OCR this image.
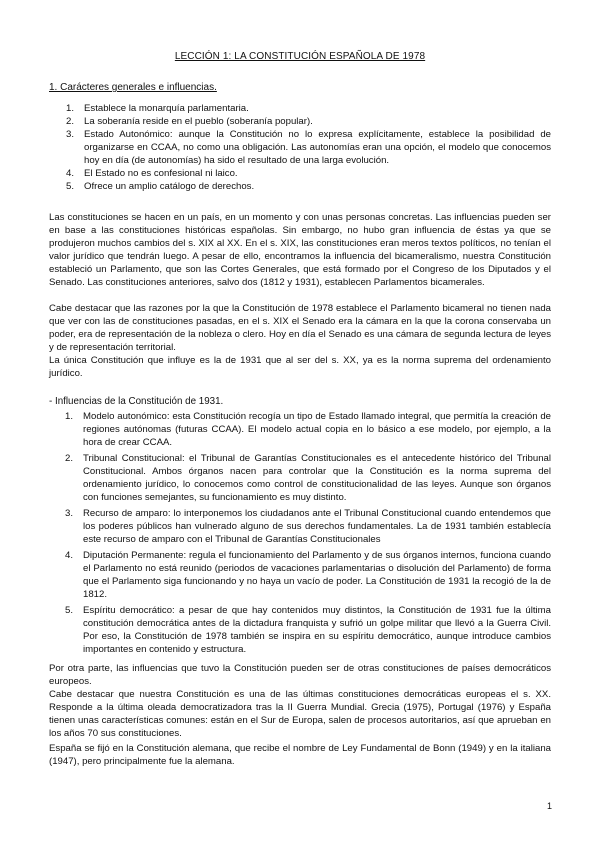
LECCIÓN 1: LA CONSTITUCIÓN ESPAÑOLA DE 1978
1. Carácteres generales e influencias.
1. Establece la monarquía parlamentaria.
2. La soberanía reside en el pueblo (soberanía popular).
3. Estado Autonómico: aunque la Constitución no lo expresa explícitamente, establece la posibilidad de organizarse en CCAA, no como una obligación. Las autonomías eran una opción, el modelo que conocemos hoy en día (de autonomías) ha sido el resultado de una larga evolución.
4. El Estado no es confesional ni laico.
5. Ofrece un amplio catálogo de derechos.

Las constituciones se hacen en un país, en un momento y con unas personas concretas. Las influencias pueden ser en base a las constituciones históricas españolas. Sin embargo, no hubo gran influencia de éstas ya que se produjeron muchos cambios del s. XIX al XX. En el s. XIX, las constituciones eran meros textos políticos, no tenían el valor jurídico que tendrán luego. A pesar de ello, encontramos la influencia del bicameralismo, nuestra Constitución estableció un Parlamento, que son las Cortes Generales, que está formado por el Congreso de los Diputados y el Senado. Las constituciones anteriores, salvo dos (1812 y 1931), establecen Parlamentos bicamerales.

Cabe destacar que las razones por la que la Constitución de 1978 establece el Parlamento bicameral no tienen nada que ver con las de constituciones pasadas, en el s. XIX el Senado era la cámara en la que la corona conservaba un poder, era de representación de la nobleza o clero. Hoy en día el Senado es una cámara de segunda lectura de leyes y de representación territorial.

La única Constitución que influye es la de 1931 que al ser del s. XX, ya es la norma suprema del ordenamiento jurídico.

- Influencias de la Constitución de 1931.
1. Modelo autonómico: esta Constitución recogía un tipo de Estado llamado integral, que permitía la creación de regiones autónomas (futuras CCAA). El modelo actual copia en lo básico a ese modelo, por ejemplo, a la hora de crear CCAA.
2. Tribunal Constitucional: el Tribunal de Garantías Constitucionales es el antecedente histórico del Tribunal Constitucional. Ambos órganos nacen para controlar que la Constitución es la norma suprema del ordenamiento jurídico, lo conocemos como control de constitucionalidad de las leyes. Aunque son órganos con funciones semejantes, su funcionamiento es muy distinto.
3. Recurso de amparo: lo interponemos los ciudadanos ante el Tribunal Constitucional cuando entendemos que los poderes públicos han vulnerado alguno de sus derechos fundamentales. La de 1931 también establecía este recurso de amparo con el Tribunal de Garantías Constitucionales
4. Diputación Permanente: regula el funcionamiento del Parlamento y de sus órganos internos, funciona cuando el Parlamento no está reunido (periodos de vacaciones parlamentarias o disolución del Parlamento) de forma que el Parlamento siga funcionando y no haya un vacío de poder. La Constitución de 1931 la recogió de la de 1812.
5. Espíritu democrático: a pesar de que hay contenidos muy distintos, la Constitución de 1931 fue la última constitución democrática antes de la dictadura franquista y sufrió un golpe militar que llevó a la Guerra Civil. Por eso, la Constitución de 1978 también se inspira en su espíritu democrático, aunque introduce cambios importantes en contenido y estructura.

Por otra parte, las influencias que tuvo la Constitución pueden ser de otras constituciones de países democráticos europeos.

Cabe destacar que nuestra Constitución es una de las últimas constituciones democráticas europeas el s. XX. Responde a la última oleada democratizadora tras la II Guerra Mundial. Grecia (1975), Portugal (1976) y España tienen unas características comunes: están en el Sur de Europa, salen de procesos autoritarios, así que aprueban en los años 70 sus constituciones.

España se fijó en la Constitución alemana, que recibe el nombre de Ley Fundamental de Bonn (1949) y en la italiana (1947), pero principalmente fue la alemana.

1
